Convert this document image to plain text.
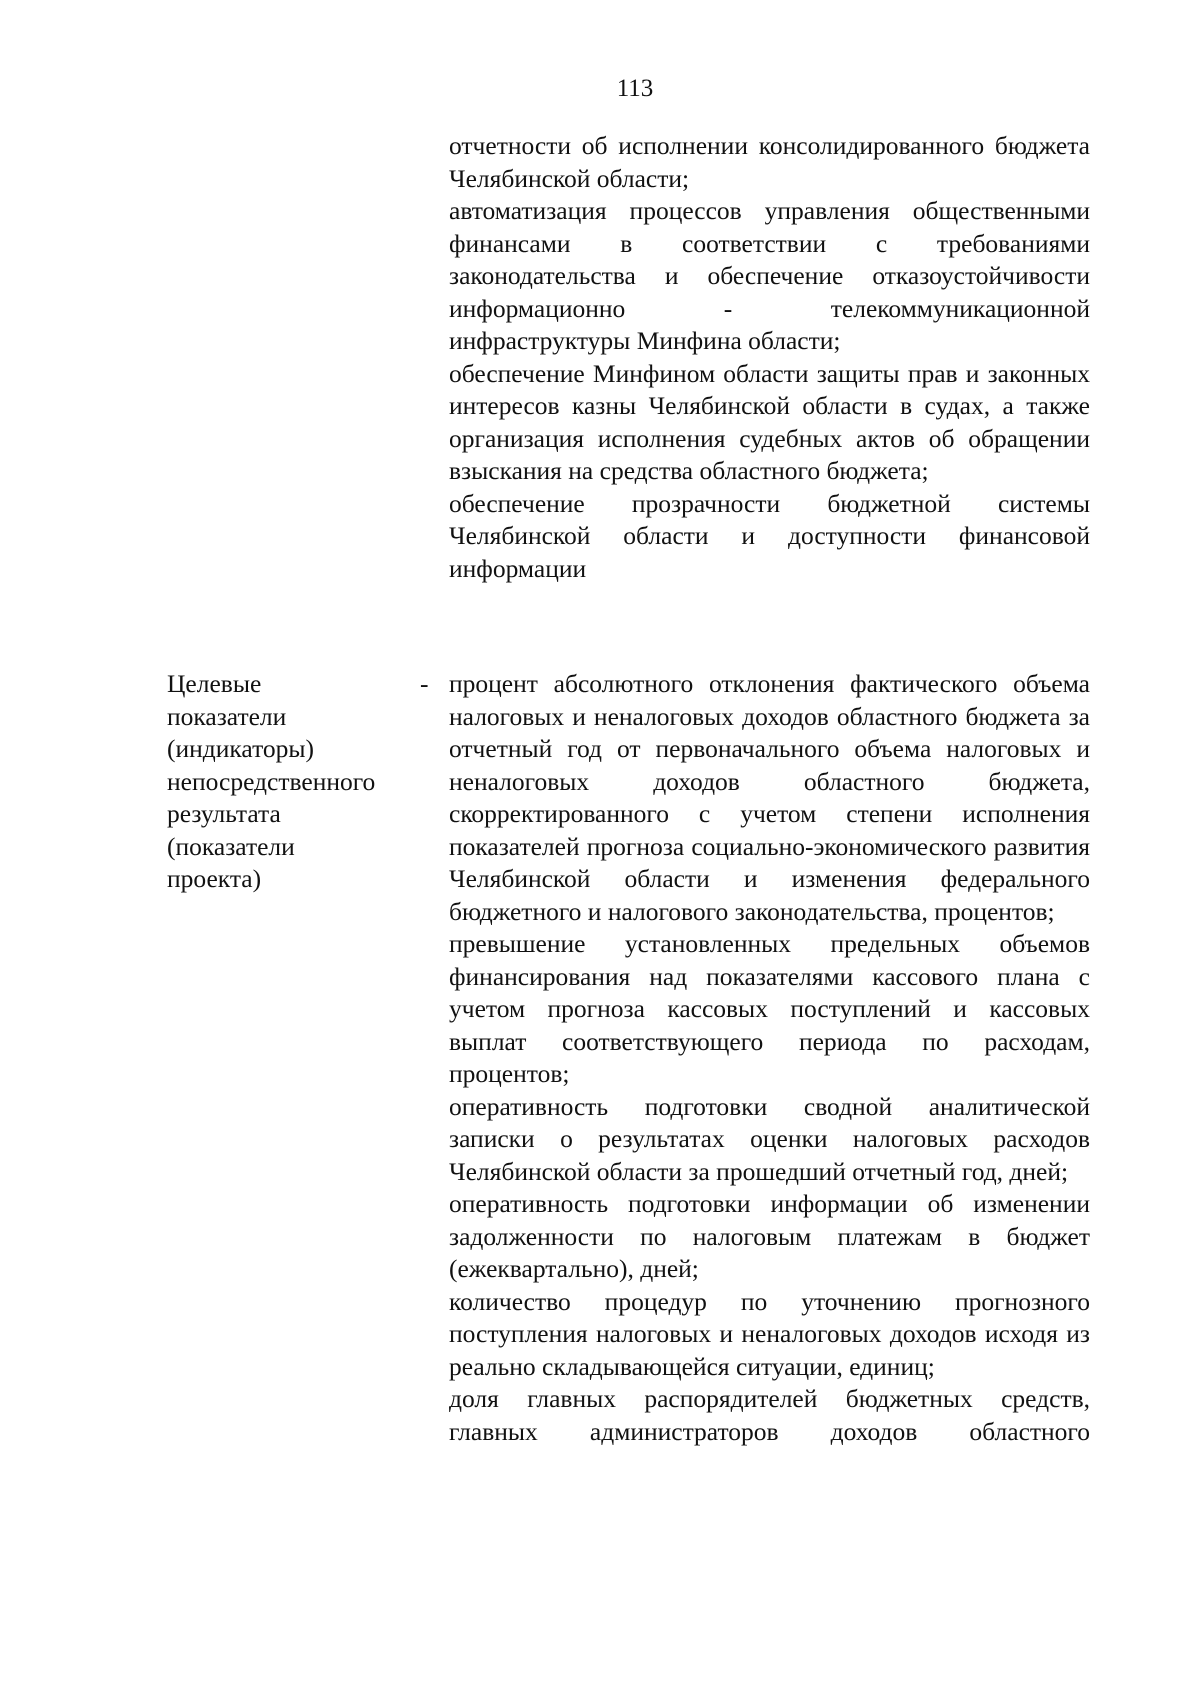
113

отчетности об исполнении консолидированного бюджета Челябинской области;

автоматизация процессов управления общественными финансами в соответствии с требованиями законодательства и обеспечение отказоустойчивости информационно - телекоммуникационной инфраструктуры Минфина области;

обеспечение Минфином области защиты прав и законных интересов казны Челябинской области в судах, а также организация исполнения судебных актов об обращении взыскания на средства областного бюджета;

обеспечение прозрачности бюджетной системы Челябинской области и доступности финансовой информации

Целевые
показатели
(индикаторы)
непосредственного
результата
(показатели
проекта)
- процент абсолютного отклонения фактического объема налоговых и неналоговых доходов областного бюджета за отчетный год от первоначального объема налоговых и неналоговых доходов областного бюджета, скорректированного с учетом степени исполнения показателей прогноза социально-экономического развития Челябинской области и изменения федерального бюджетного и налогового законодательства, процентов;

превышение установленных предельных объемов финансирования над показателями кассового плана с учетом прогноза кассовых поступлений и кассовых выплат соответствующего периода по расходам, процентов;

оперативность подготовки сводной аналитической записки о результатах оценки налоговых расходов Челябинской области за прошедший отчетный год, дней;

оперативность подготовки информации об изменении задолженности по налоговым платежам в бюджет (ежеквартально), дней;

количество процедур по уточнению прогнозного поступления налоговых и неналоговых доходов исходя из реально складывающейся ситуации, единиц;

доля главных распорядителей бюджетных средств, главных администраторов доходов областного
